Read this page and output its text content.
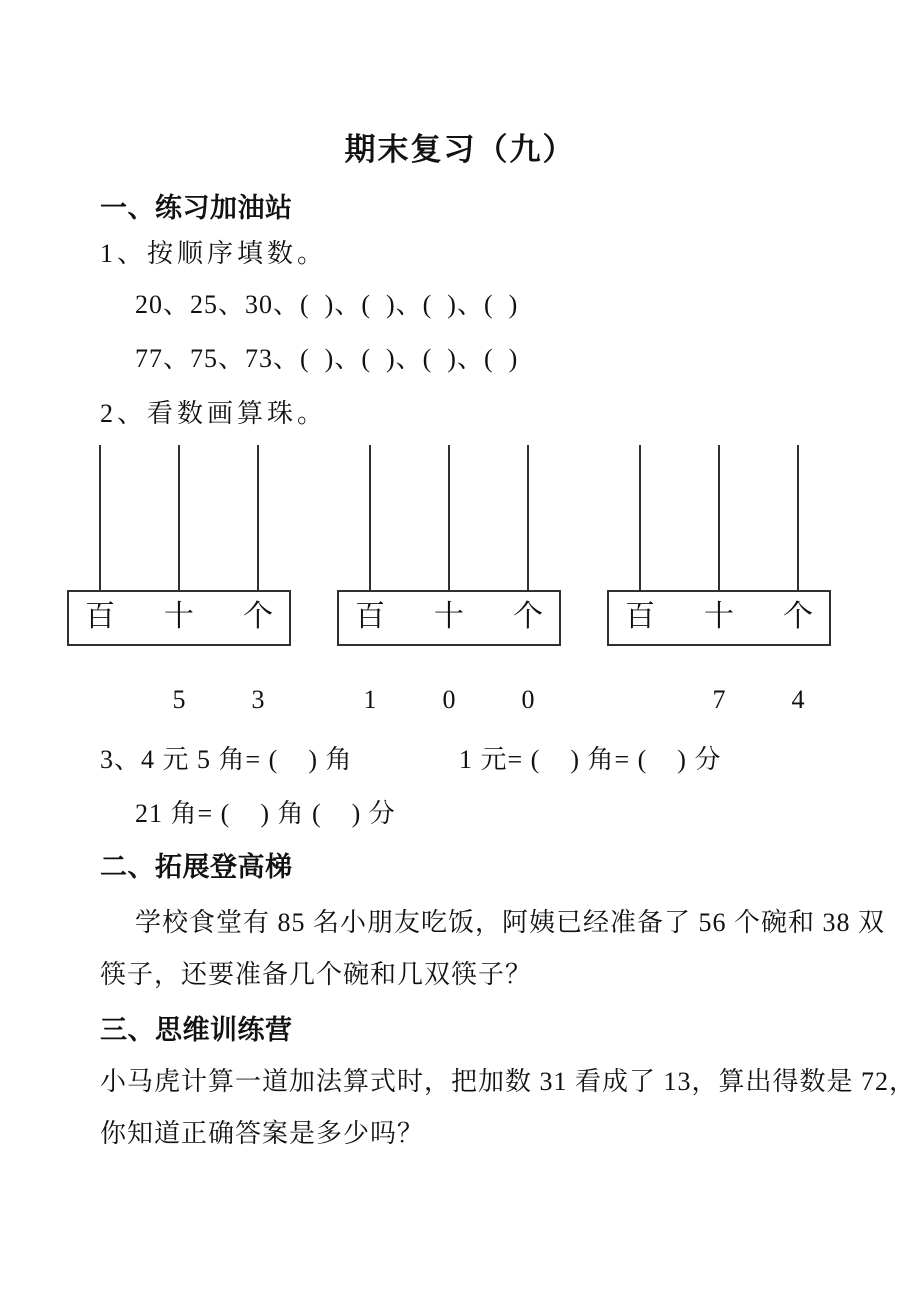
期末复习（九）
一、练习加油站
1、按顺序填数。
20、25、30、(  )、(  )、(  )、(  )
77、75、73、(  )、(  )、(  )、(  )
2、看数画算珠。
百 十 个
5	3
百 十 个
1	0	0
百 十 个
7	4
3、4 元 5 角= (    ) 角	1 元= (    ) 角= (    ) 分
21 角= (    ) 角 (    ) 分
二、拓展登高梯
学校食堂有 85 名小朋友吃饭，阿姨已经准备了 56 个碗和 38 双
筷子，还要准备几个碗和几双筷子？
三、思维训练营
小马虎计算一道加法算式时，把加数 31 看成了 13，算出得数是 72，
你知道正确答案是多少吗？
